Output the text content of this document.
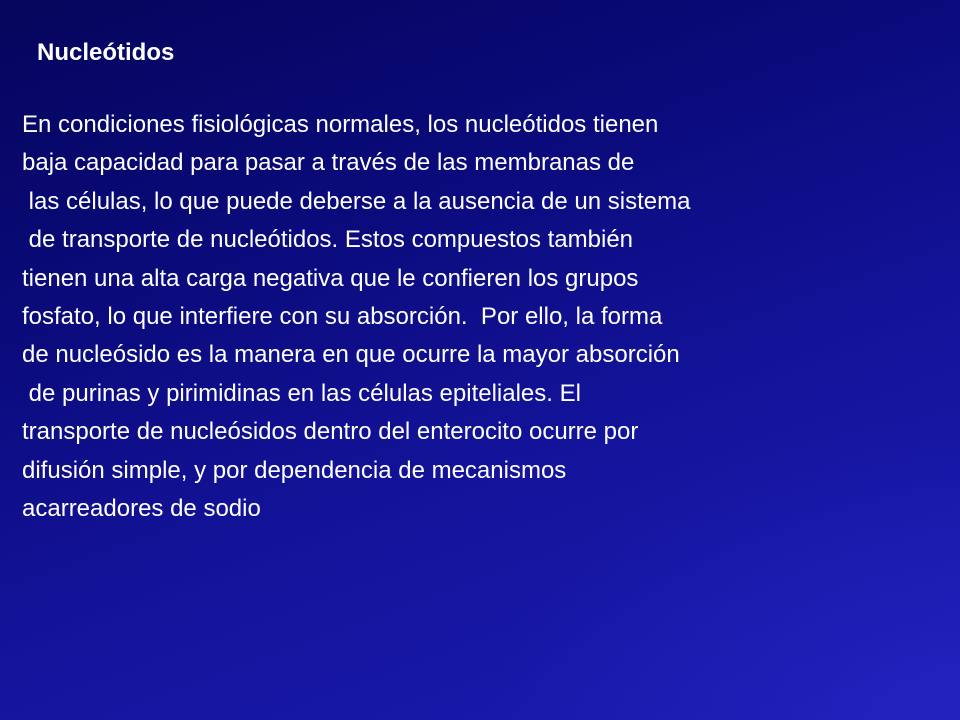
Nucleótidos
En condiciones fisiológicas normales, los nucleótidos tienen
baja capacidad para pasar a través de las membranas de
las células, lo que puede deberse a la ausencia de un sistema
de transporte de nucleótidos. Estos compuestos también
tienen una alta carga negativa que le confieren los grupos
fosfato, lo que interfiere con su absorción.  Por ello, la forma
de nucleósido es la manera en que ocurre la mayor absorción
de purinas y pirimidinas en las células epiteliales. El
transporte de nucleósidos dentro del enterocito ocurre por
difusión simple, y por dependencia de mecanismos
acarreadores de sodio
